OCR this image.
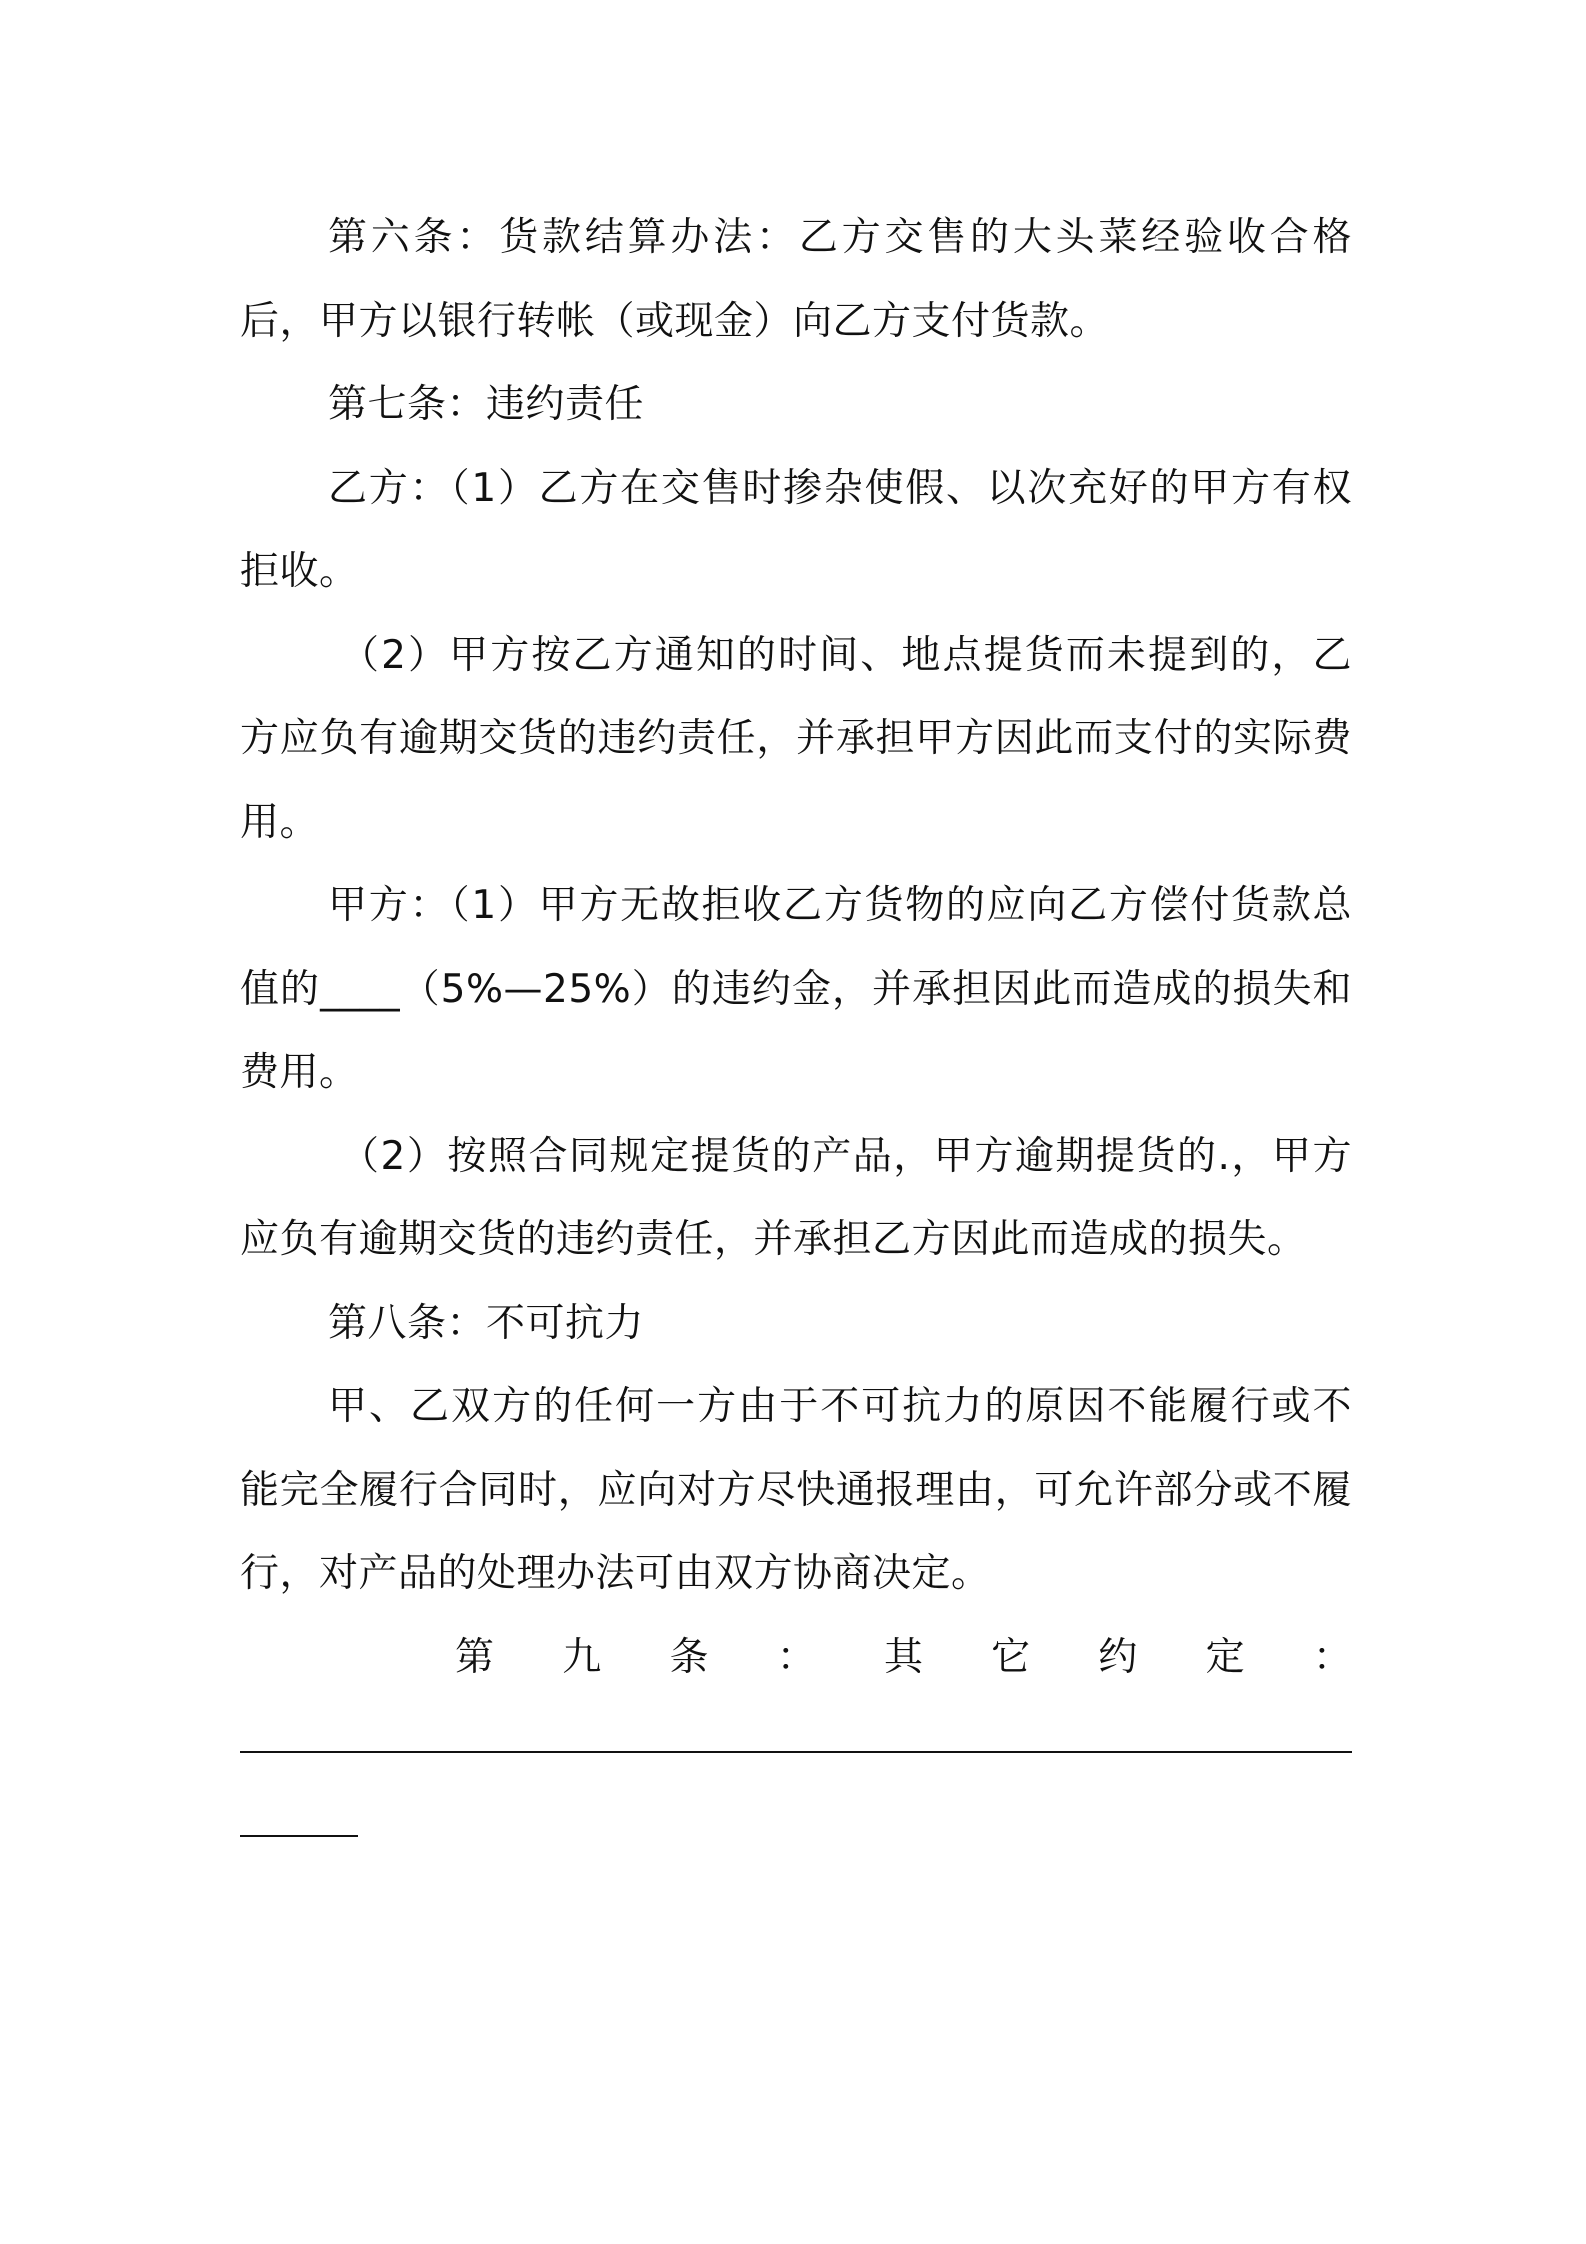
第六条：货款结算办法：乙方交售的大头菜经验收合格后，甲方以银行转帐（或现金）向乙方支付货款。

第七条：违约责任

乙方：（1）乙方在交售时掺杂使假、以次充好的甲方有权拒收。

（2）甲方按乙方通知的时间、地点提货而未提到的，乙方应负有逾期交货的违约责任，并承担甲方因此而支付的实际费用。

甲方：（1）甲方无故拒收乙方货物的应向乙方偿付货款总值的____（5%—25%）的违约金，并承担因此而造成的损失和费用。

（2）按照合同规定提货的产品，甲方逾期提货的.，甲方应负有逾期交货的违约责任，并承担乙方因此而造成的损失。

第八条：不可抗力

甲、乙双方的任何一方由于不可抗力的原因不能履行或不能完全履行合同时，应向对方尽快通报理由，可允许部分或不履行，对产品的处理办法可由双方协商决定。

第 九 条 ： 其 它 约 定 ：
